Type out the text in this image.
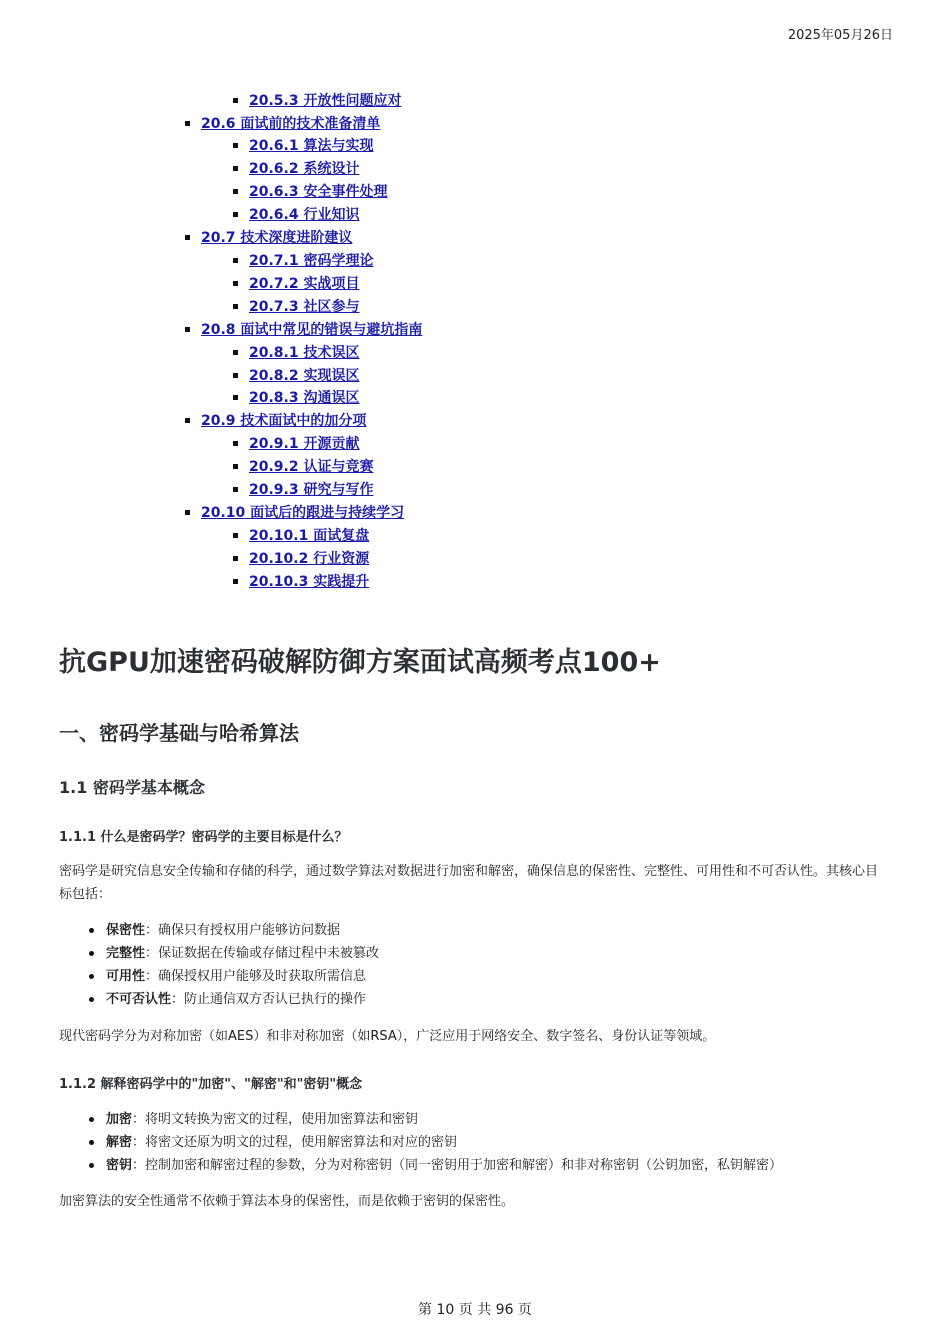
2025年05月26日
20.5.3 开放性问题应对
20.6 面试前的技术准备清单
20.6.1 算法与实现
20.6.2 系统设计
20.6.3 安全事件处理
20.6.4 行业知识
20.7 技术深度进阶建议
20.7.1 密码学理论
20.7.2 实战项目
20.7.3 社区参与
20.8 面试中常见的错误与避坑指南
20.8.1 技术误区
20.8.2 实现误区
20.8.3 沟通误区
20.9 技术面试中的加分项
20.9.1 开源贡献
20.9.2 认证与竞赛
20.9.3 研究与写作
20.10 面试后的跟进与持续学习
20.10.1 面试复盘
20.10.2 行业资源
20.10.3 实践提升
抗GPU加速密码破解防御方案面试高频考点100+
一、密码学基础与哈希算法
1.1 密码学基本概念
1.1.1 什么是密码学？密码学的主要目标是什么？

密码学是研究信息安全传输和存储的科学，通过数学算法对数据进行加密和解密，确保信息的保密性、完整性、可用性和不可否认性。其核心目标包括：

保密性：确保只有授权用户能够访问数据
完整性：保证数据在传输或存储过程中未被篡改
可用性：确保授权用户能够及时获取所需信息
不可否认性：防止通信双方否认已执行的操作

现代密码学分为对称加密（如AES）和非对称加密（如RSA），广泛应用于网络安全、数字签名、身份认证等领域。

1.1.2 解释密码学中的"加密"、"解密"和"密钥"概念
加密：将明文转换为密文的过程，使用加密算法和密钥
解密：将密文还原为明文的过程，使用解密算法和对应的密钥
密钥：控制加密和解密过程的参数，分为对称密钥（同一密钥用于加密和解密）和非对称密钥（公钥加密，私钥解密）

加密算法的安全性通常不依赖于算法本身的保密性，而是依赖于密钥的保密性。

第 10 页 共 96 页
